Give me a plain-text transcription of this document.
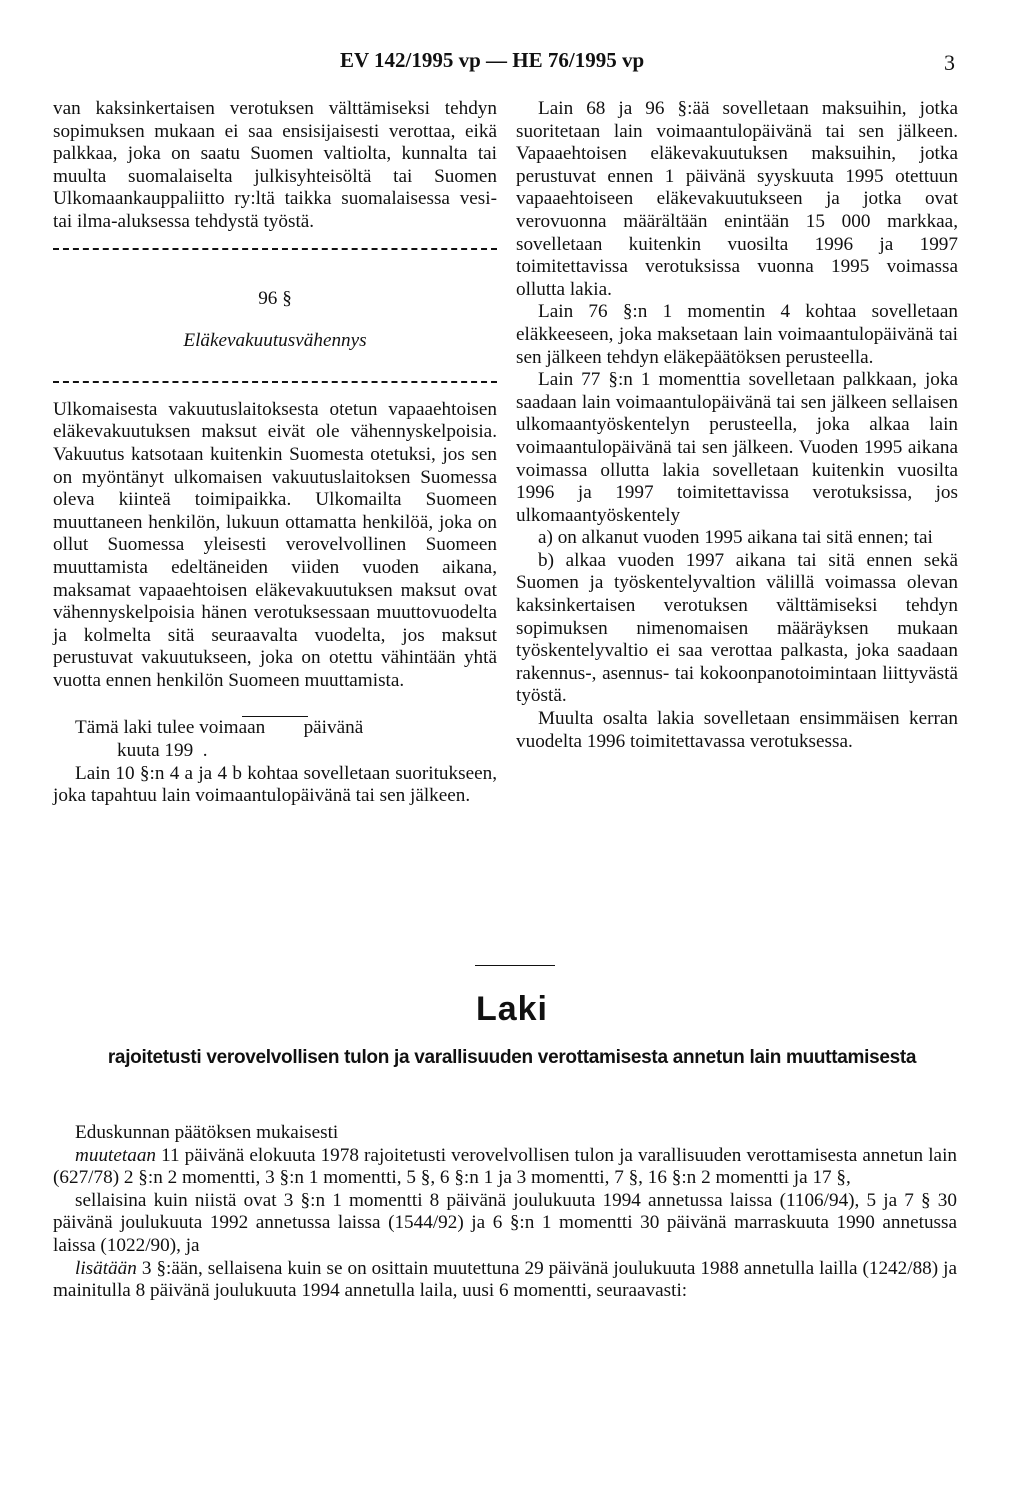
EV 142/1995 vp — HE 76/1995 vp	3

van kaksinkertaisen verotuksen välttämiseksi tehdyn sopimuksen mukaan ei saa ensisijaisesti verottaa, eikä palkkaa, joka on saatu Suomen valtiolta, kunnalta tai muulta suomalaiselta julkisyhteisöltä tai Suomen Ulkomaankauppaliitto ry:ltä taikka suomalaisessa vesi- tai ilma-aluksessa tehdystä työstä.

96 §
Eläkevakuutusvähennys

Ulkomaisesta vakuutuslaitoksesta otetun vapaaehtoisen eläkevakuutuksen maksut eivät ole vähennyskelpoisia. Vakuutus katsotaan kuitenkin Suomesta otetuksi, jos sen on myöntänyt ulkomaisen vakuutuslaitoksen Suomessa oleva kiinteä toimipaikka. Ulkomailta Suomeen muuttaneen henkilön, lukuun ottamatta henkilöä, joka on ollut Suomessa yleisesti verovelvollinen Suomeen muuttamista edeltäneiden viiden vuoden aikana, maksamat vapaaehtoisen eläkevakuutuksen maksut ovat vähennyskelpoisia hänen verotuksessaan muuttovuodelta ja kolmelta sitä seuraavalta vuodelta, jos maksut perustuvat vakuutukseen, joka on otettu vähintään yhtä vuotta ennen henkilön Suomeen muuttamista.

Tämä laki tulee voimaan        päivänä

kuuta 199  .

Lain 10 §:n 4 a ja 4 b kohtaa sovelletaan suoritukseen, joka tapahtuu lain voimaantulopäivänä tai sen jälkeen.

Lain 68 ja 96 §:ää sovelletaan maksuihin, jotka suoritetaan lain voimaantulopäivänä tai sen jälkeen. Vapaaehtoisen eläkevakuutuksen maksuihin, jotka perustuvat ennen 1 päivänä syyskuuta 1995 otettuun vapaaehtoiseen eläkevakuutukseen ja jotka ovat verovuonna määrältään enintään 15 000 markkaa, sovelletaan kuitenkin vuosilta 1996 ja 1997 toimitettavissa verotuksissa vuonna 1995 voimassa ollutta lakia.

Lain 76 §:n 1 momentin 4 kohtaa sovelletaan eläkkeeseen, joka maksetaan lain voimaantulopäivänä tai sen jälkeen tehdyn eläkepäätöksen perusteella.

Lain 77 §:n 1 momenttia sovelletaan palkkaan, joka saadaan lain voimaantulopäivänä tai sen jälkeen sellaisen ulkomaantyöskentelyn perusteella, joka alkaa lain voimaantulopäivänä tai sen jälkeen. Vuoden 1995 aikana voimassa ollutta lakia sovelletaan kuitenkin vuosilta 1996 ja 1997 toimitettavissa verotuksissa, jos ulkomaantyöskentely

a) on alkanut vuoden 1995 aikana tai sitä ennen; tai

b) alkaa vuoden 1997 aikana tai sitä ennen sekä Suomen ja työskentelyvaltion välillä voimassa olevan kaksinkertaisen verotuksen välttämiseksi tehdyn sopimuksen nimenomaisen määräyksen mukaan työskentelyvaltio ei saa verottaa palkasta, joka saadaan rakennus-, asennus- tai kokoonpanotoimintaan liittyvästä työstä.

Muulta osalta lakia sovelletaan ensimmäisen kerran vuodelta 1996 toimitettavassa verotuksessa.

Laki
rajoitetusti verovelvollisen tulon ja varallisuuden verottamisesta annetun lain muuttamisesta

Eduskunnan päätöksen mukaisesti

muutetaan 11 päivänä elokuuta 1978 rajoitetusti verovelvollisen tulon ja varallisuuden verottamisesta annetun lain (627/78) 2 §:n 2 momentti, 3 §:n 1 momentti, 5 §, 6 §:n 1 ja 3 momentti, 7 §, 16 §:n 2 momentti ja 17 §,

sellaisina kuin niistä ovat 3 §:n 1 momentti 8 päivänä joulukuuta 1994 annetussa laissa (1106/94), 5 ja 7 § 30 päivänä joulukuuta 1992 annetussa laissa (1544/92) ja 6 §:n 1 momentti 30 päivänä marraskuuta 1990 annetussa laissa (1022/90), ja

lisätään 3 §:ään, sellaisena kuin se on osittain muutettuna 29 päivänä joulukuuta 1988 annetulla lailla (1242/88) ja mainitulla 8 päivänä joulukuuta 1994 annetulla laila, uusi 6 momentti, seuraavasti:
